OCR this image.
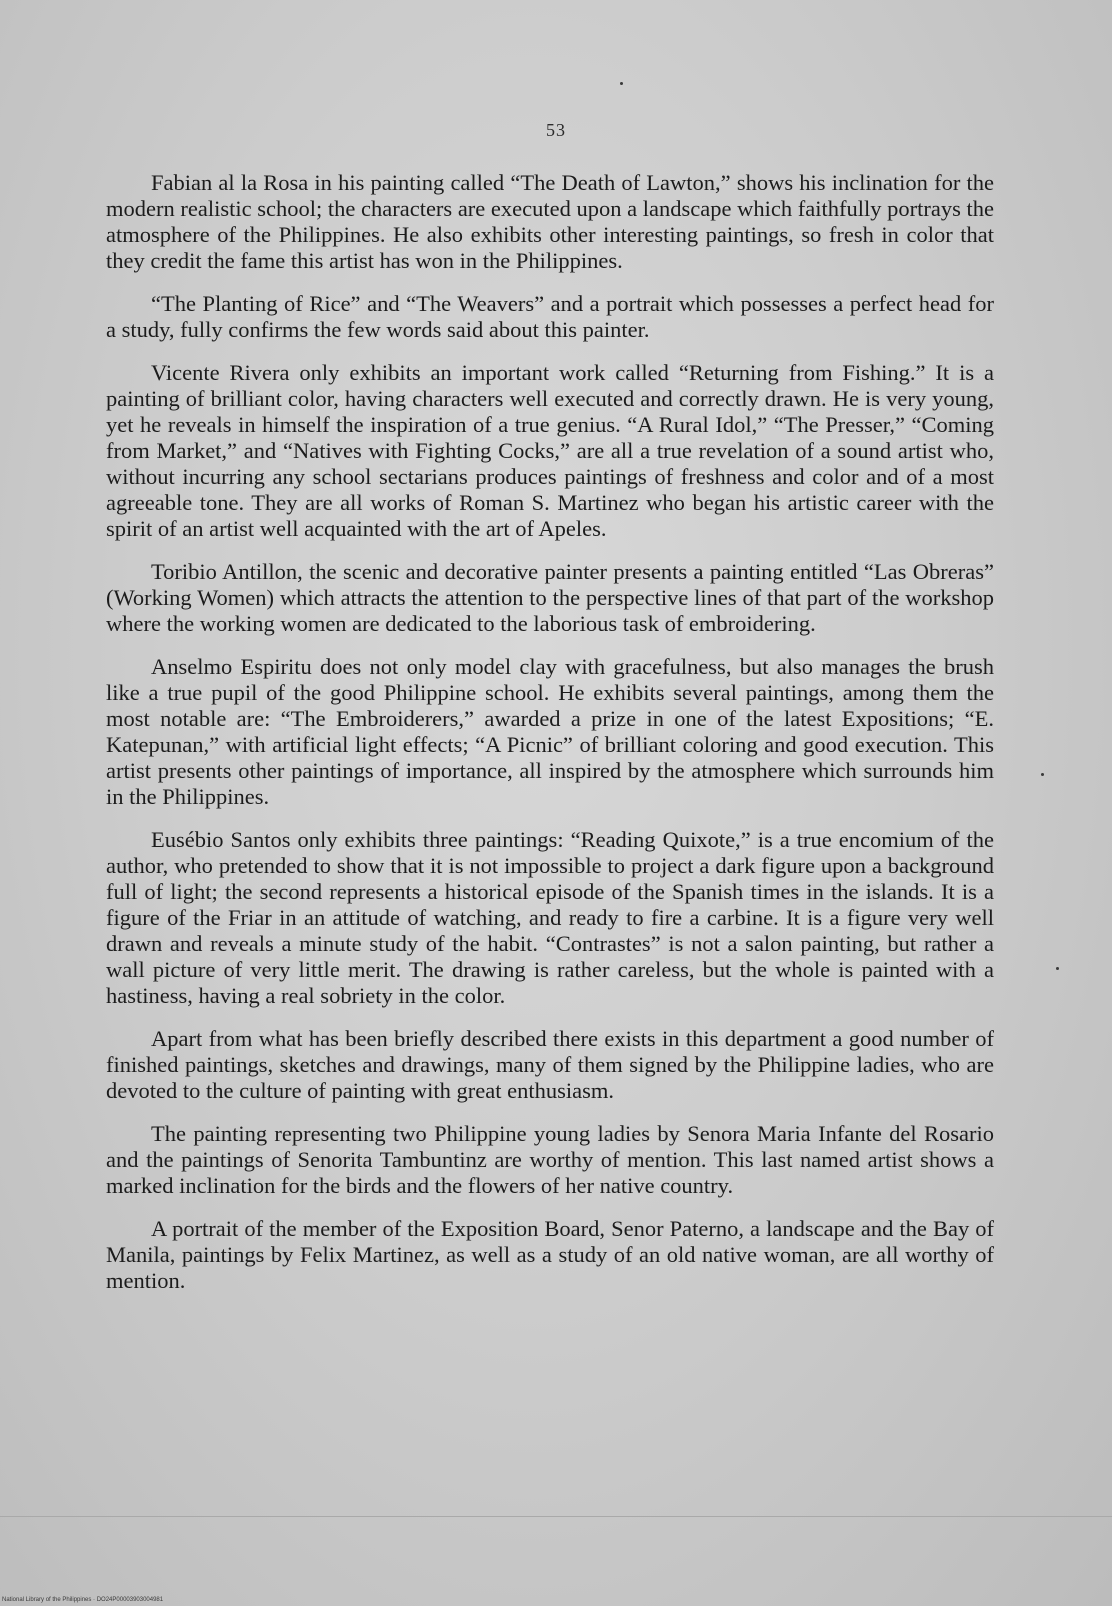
53

Fabian al la Rosa in his painting called “The Death of Lawton,” shows his inclination for the modern realistic school; the characters are executed upon a landscape which faithfully portrays the atmosphere of the Philippines. He also exhibits other interesting paintings, so fresh in color that they credit the fame this artist has won in the Philippines.

“The Planting of Rice” and “The Weavers” and a portrait which possesses a perfect head for a study, fully confirms the few words said about this painter.

Vicente Rivera only exhibits an important work called “Returning from Fishing.” It is a painting of brilliant color, having characters well executed and correctly drawn. He is very young, yet he reveals in himself the inspiration of a true genius. “A Rural Idol,” “The Presser,” “Coming from Market,” and “Natives with Fighting Cocks,” are all a true revelation of a sound artist who, without incurring any school sectarians produces paintings of freshness and color and of a most agreeable tone. They are all works of Roman S. Martinez who began his artistic career with the spirit of an artist well acquainted with the art of Apeles.

Toribio Antillon, the scenic and decorative painter presents a painting entitled “Las Obreras” (Working Women) which attracts the attention to the perspective lines of that part of the workshop where the working women are dedicated to the laborious task of embroidering.

Anselmo Espiritu does not only model clay with gracefulness, but also manages the brush like a true pupil of the good Philippine school. He exhibits several paintings, among them the most notable are: “The Embroiderers,” awarded a prize in one of the latest Expositions; “E. Katepunan,” with artificial light effects; “A Picnic” of brilliant coloring and good execution. This artist presents other paintings of importance, all inspired by the atmosphere which surrounds him in the Philippines.

Eusébio Santos only exhibits three paintings: “Reading Quixote,” is a true encomium of the author, who pretended to show that it is not impossible to project a dark figure upon a background full of light; the second represents a historical episode of the Spanish times in the islands. It is a figure of the Friar in an attitude of watching, and ready to fire a carbine. It is a figure very well drawn and reveals a minute study of the habit. “Contrastes” is not a salon painting, but rather a wall picture of very little merit. The drawing is rather careless, but the whole is painted with a hastiness, having a real sobriety in the color.

Apart from what has been briefly described there exists in this department a good number of finished paintings, sketches and drawings, many of them signed by the Philippine ladies, who are devoted to the culture of painting with great enthusiasm.

The painting representing two Philippine young ladies by Senora Maria Infante del Rosario and the paintings of Senorita Tambuntinz are worthy of mention. This last named artist shows a marked inclination for the birds and the flowers of her native country.

A portrait of the member of the Exposition Board, Senor Paterno, a landscape and the Bay of Manila, paintings by Felix Martinez, as well as a study of an old native woman, are all worthy of mention.

National Library of the Philippines · DO24P00003903004981
